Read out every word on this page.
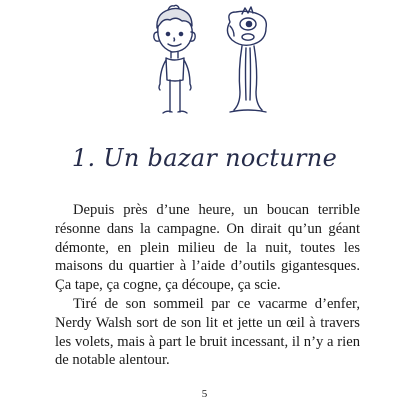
1. Un bazar nocturne

Depuis près d’une heure, un boucan terrible résonne dans la campagne. On dirait qu’un géant démonte, en plein milieu de la nuit, toutes les maisons du quartier à l’aide d’outils gigantesques. Ça tape, ça cogne, ça découpe, ça scie.

Tiré de son sommeil par ce vacarme d’enfer, Nerdy Walsh sort de son lit et jette un œil à travers les volets, mais à part le bruit incessant, il n’y a rien de notable alentour.

5
